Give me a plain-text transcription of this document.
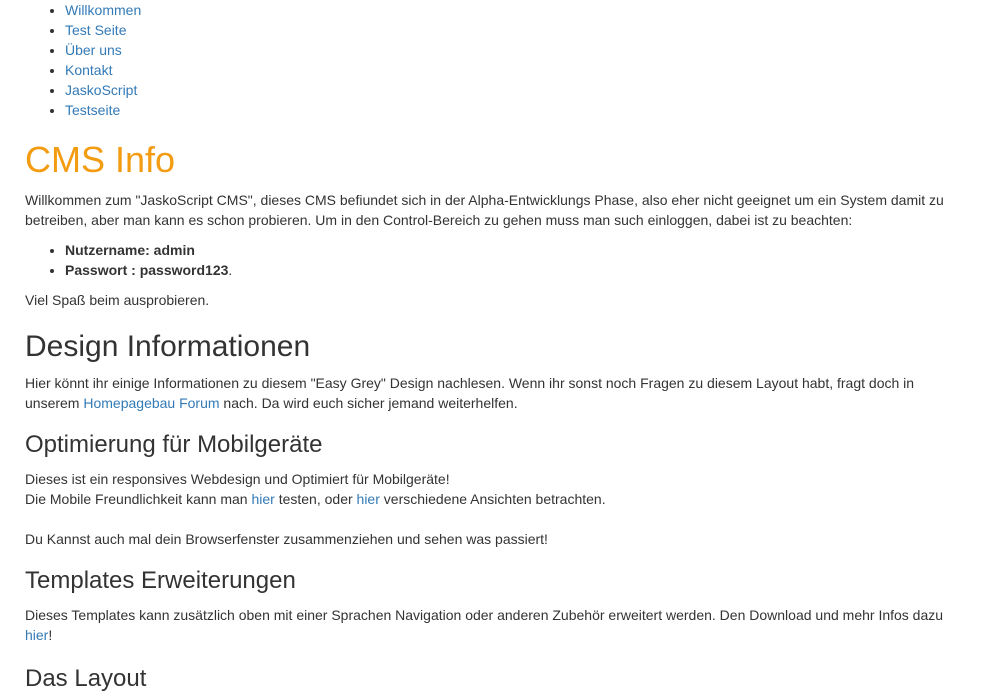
• Willkommen
• Test Seite
• Über uns
• Kontakt
• JaskoScript
• Testseite
CMS Info

Willkommen zum "JaskoScript CMS", dieses CMS befiundet sich in der Alpha-Entwicklungs Phase, also eher nicht geeignet um ein System damit zu betreiben, aber man kann es schon probieren. Um in den Control-Bereich zu gehen muss man such einloggen, dabei ist zu beachten:

• Nutzername: admin
• Passwort : password123.

Viel Spaß beim ausprobieren.

Design Informationen

Hier könnt ihr einige Informationen zu diesem "Easy Grey" Design nachlesen. Wenn ihr sonst noch Fragen zu diesem Layout habt, fragt doch in unserem Homepagebau Forum nach. Da wird euch sicher jemand weiterhelfen.

Optimierung für Mobilgeräte

Dieses ist ein responsives Webdesign und Optimiert für Mobilgeräte!
Die Mobile Freundlichkeit kann man hier testen, oder hier verschiedene Ansichten betrachten.

Du Kannst auch mal dein Browserfenster zusammenziehen und sehen was passiert!

Templates Erweiterungen

Dieses Templates kann zusätzlich oben mit einer Sprachen Navigation oder anderen Zubehör erweitert werden. Den Download und mehr Infos dazu hier!

Das Layout
